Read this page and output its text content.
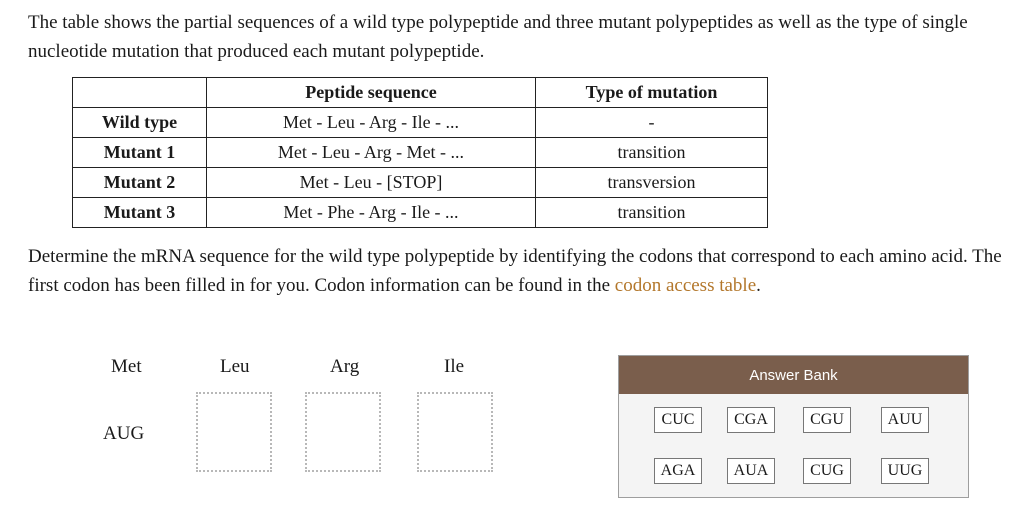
The table shows the partial sequences of a wild type polypeptide and three mutant polypeptides as well as the type of single nucleotide mutation that produced each mutant polypeptide.

	Peptide sequence	Type of mutation
Wild type	Met - Leu - Arg - Ile - ...	-
Mutant 1	Met - Leu - Arg - Met - ...	transition
Mutant 2	Met - Leu - [STOP]	transversion
Mutant 3	Met - Phe - Arg - Ile - ...	transition

Determine the mRNA sequence for the wild type polypeptide by identifying the codons that correspond to each amino acid. The first codon has been filled in for you. Codon information can be found in the codon access table.

Met	Leu	Arg	Ile
AUG
Answer Bank
CUC	CGA	CGU	AUU
AGA	AUA	CUG	UUG
